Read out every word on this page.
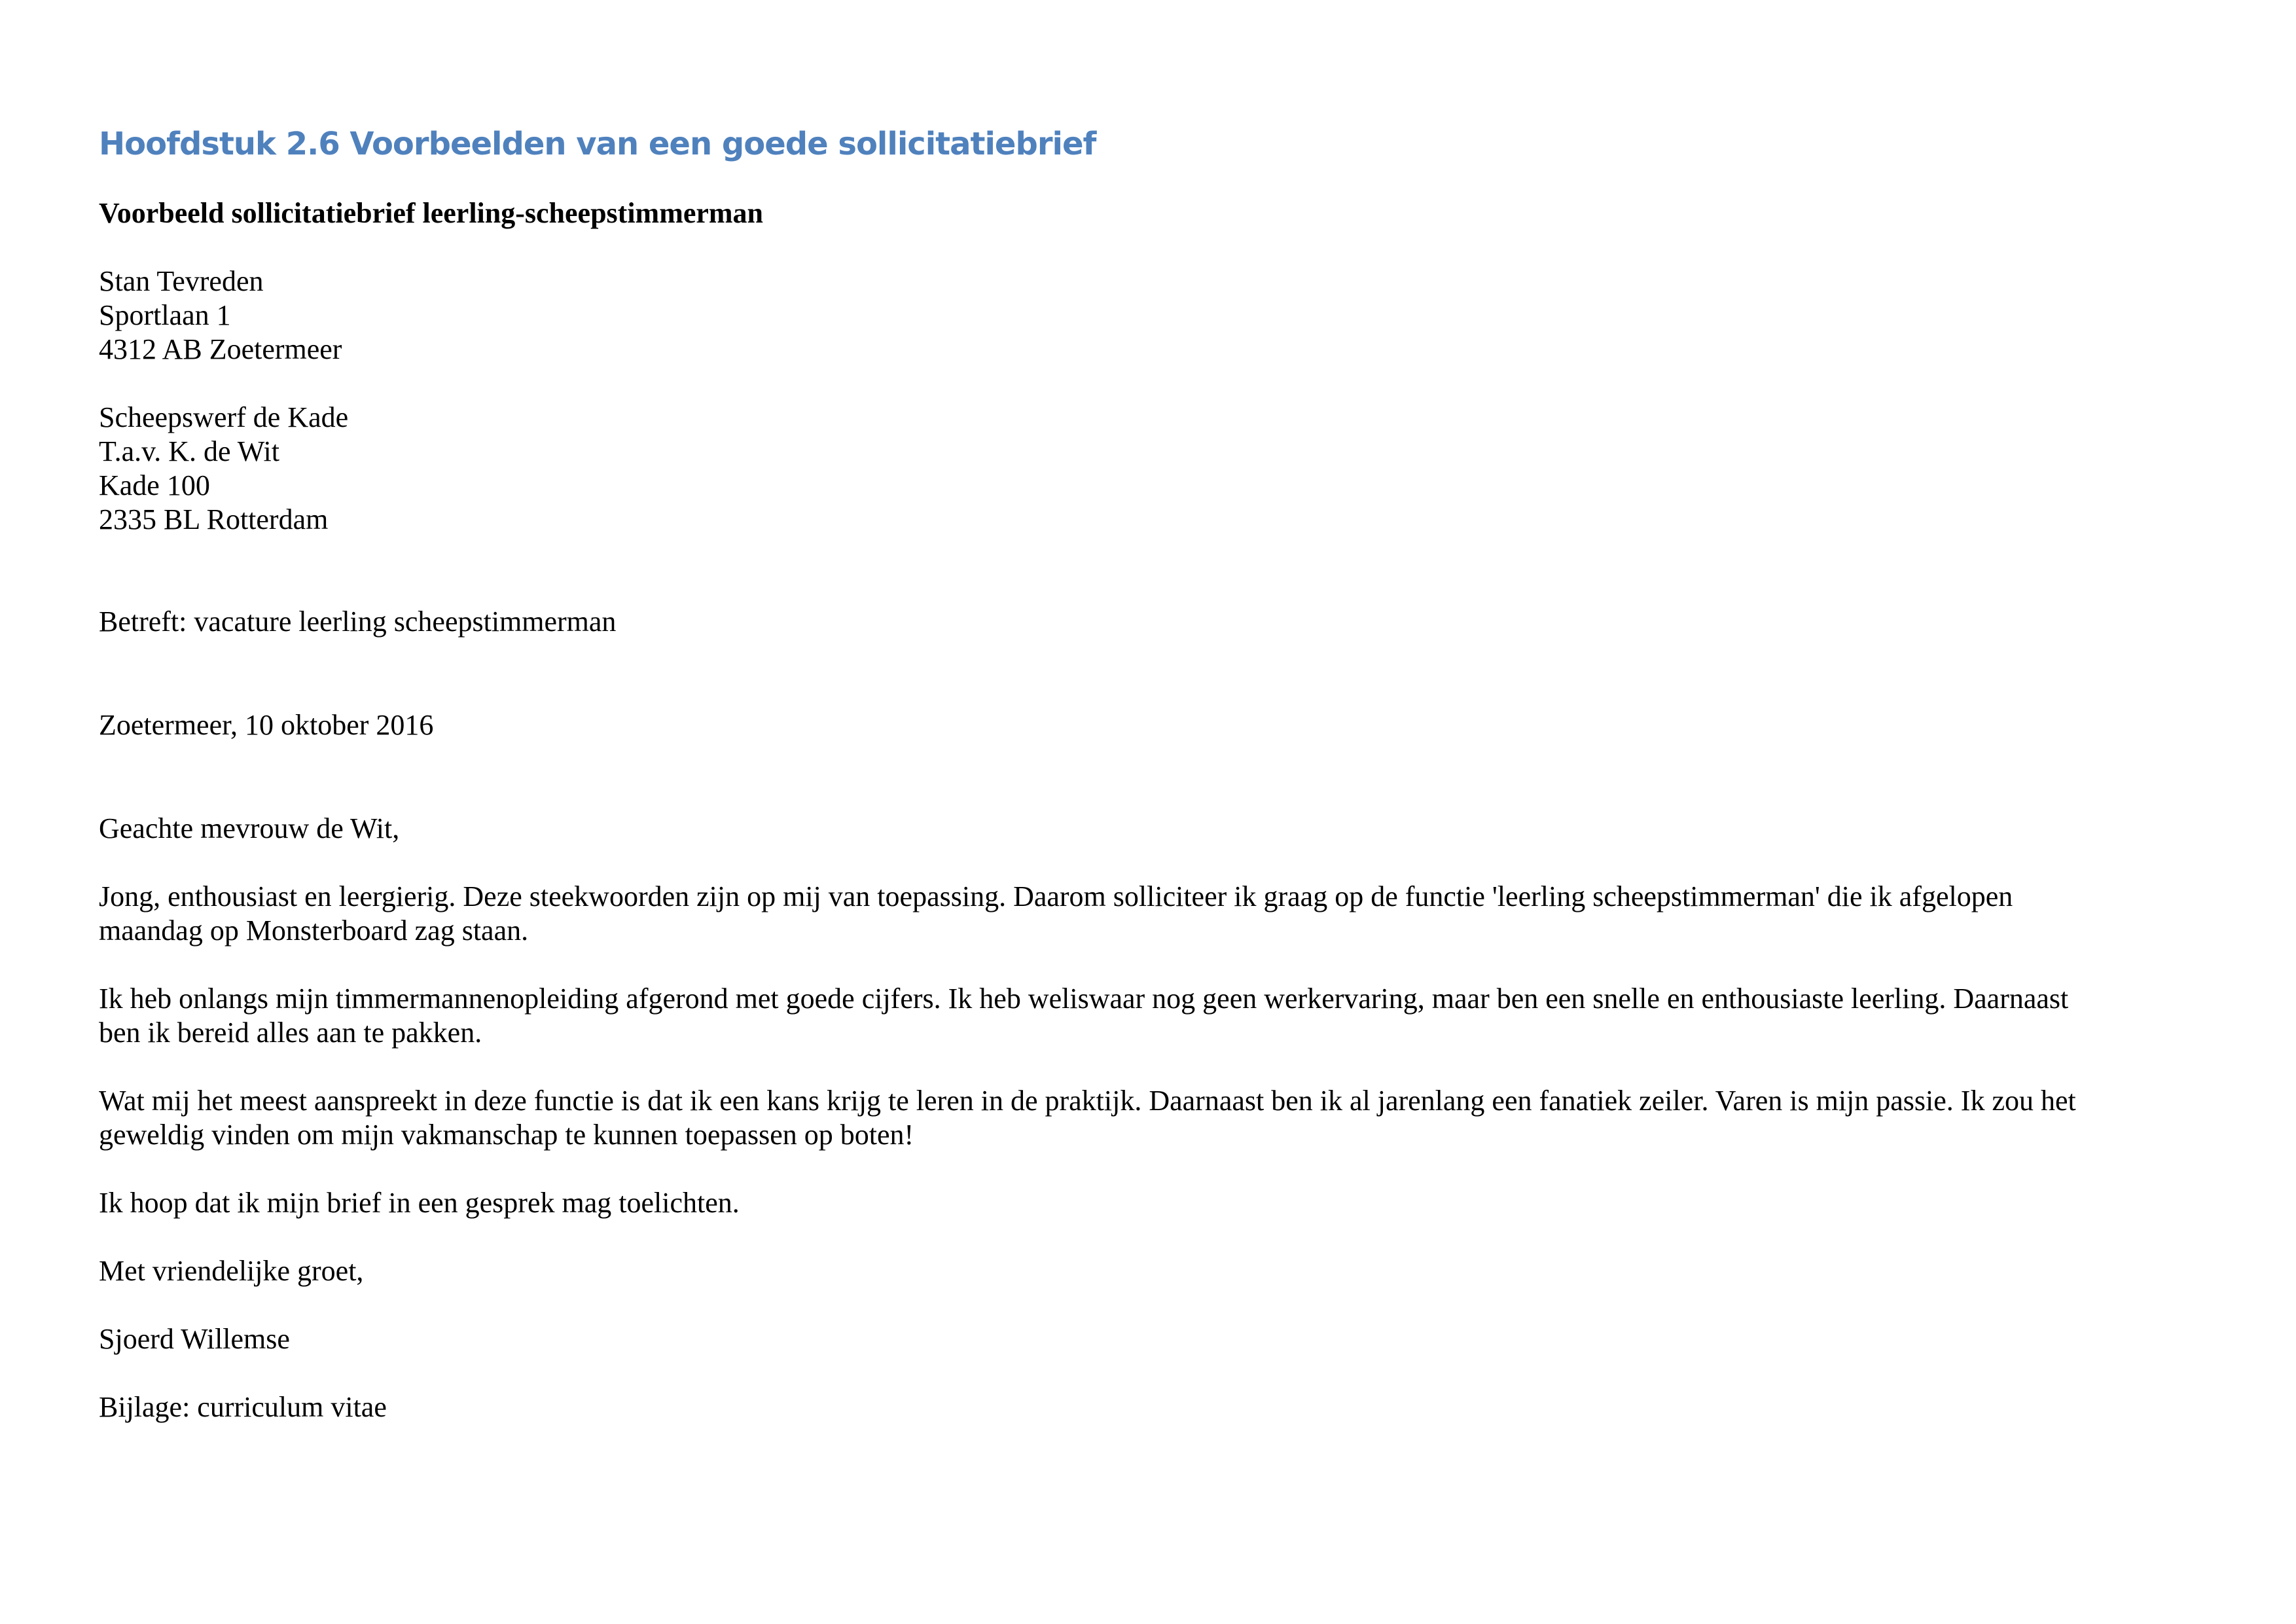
Hoofdstuk 2.6 Voorbeelden van een goede sollicitatiebrief
Voorbeeld sollicitatiebrief leerling-scheepstimmerman
Stan Tevreden
Sportlaan 1
4312 AB Zoetermeer
Scheepswerf de Kade
T.a.v. K. de Wit
Kade 100
2335 BL Rotterdam
Betreft: vacature leerling scheepstimmerman
Zoetermeer, 10 oktober 2016
Geachte mevrouw de Wit,
Jong, enthousiast en leergierig. Deze steekwoorden zijn op mij van toepassing. Daarom solliciteer ik graag op de functie 'leerling scheepstimmerman' die ik afgelopen
maandag op Monsterboard zag staan.
Ik heb onlangs mijn timmermannenopleiding afgerond met goede cijfers. Ik heb weliswaar nog geen werkervaring, maar ben een snelle en enthousiaste leerling. Daarnaast
ben ik bereid alles aan te pakken.
Wat mij het meest aanspreekt in deze functie is dat ik een kans krijg te leren in de praktijk. Daarnaast ben ik al jarenlang een fanatiek zeiler. Varen is mijn passie. Ik zou het
geweldig vinden om mijn vakmanschap te kunnen toepassen op boten!
Ik hoop dat ik mijn brief in een gesprek mag toelichten.
Met vriendelijke groet,
Sjoerd Willemse
Bijlage: curriculum vitae
